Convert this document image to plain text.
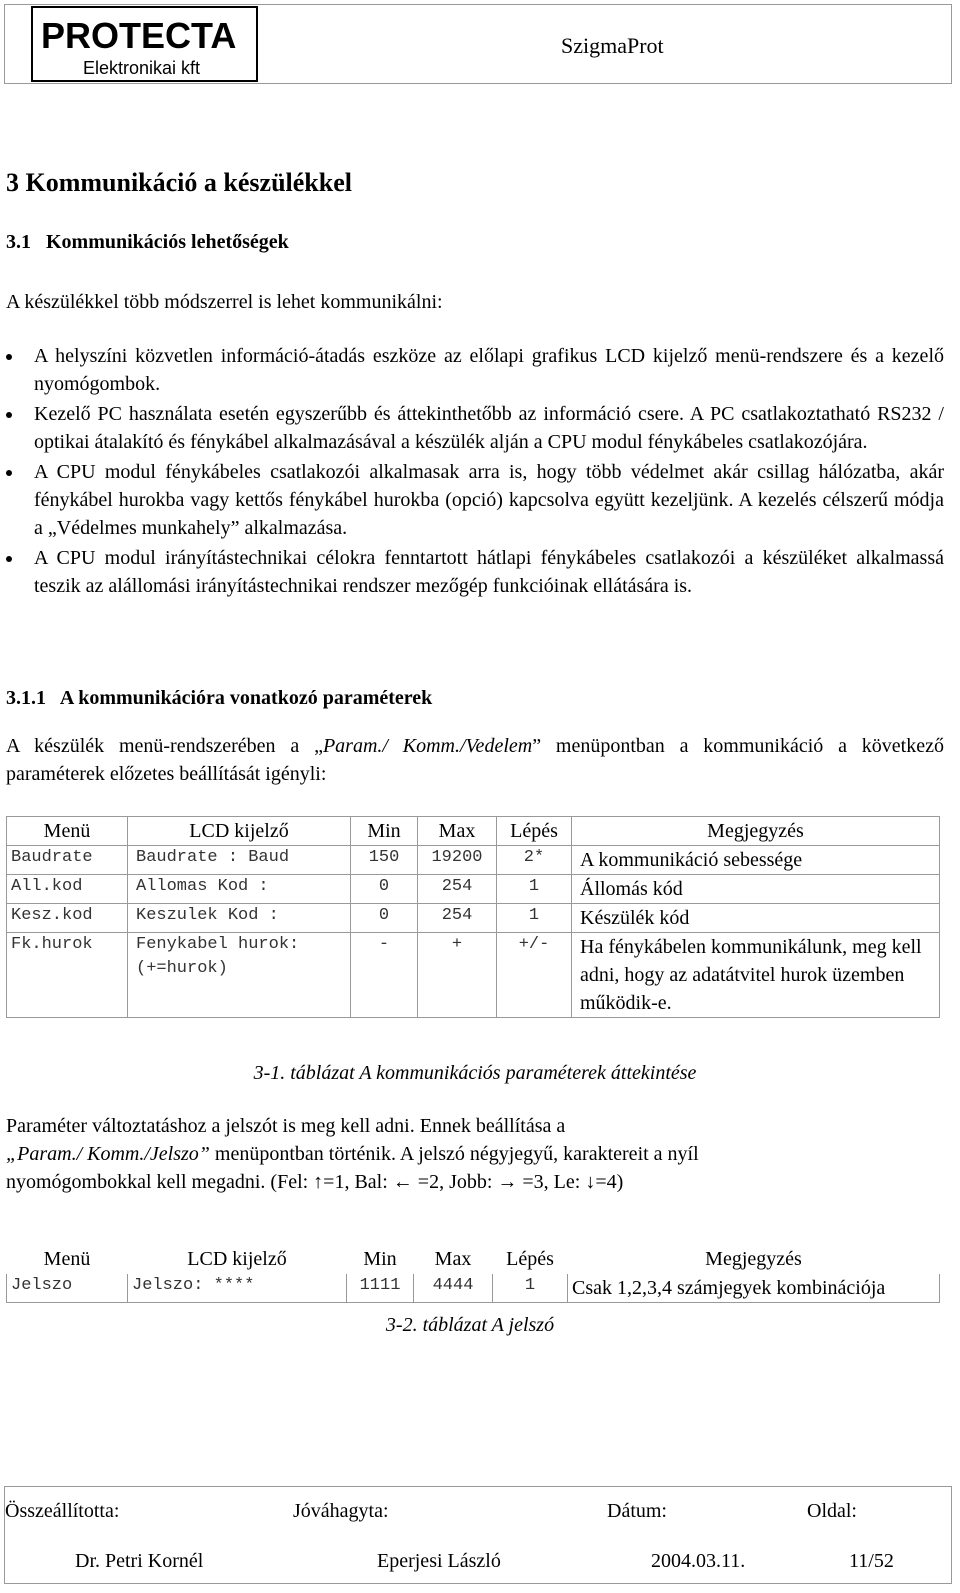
PROTECTA
Elektronikai kft
SzigmaProt
3 Kommunikáció a készülékkel
3.1   Kommunikációs lehetőségek
A készülékkel több módszerrel is lehet kommunikálni:
A helyszíni közvetlen információ-átadás eszköze az előlapi grafikus LCD kijelző menü-rendszere és a kezelő nyomógombok.
Kezelő PC használata esetén egyszerűbb és áttekinthetőbb az információ csere. A PC csatlakoztatható RS232 / optikai átalakító és fénykábel alkalmazásával a készülék alján a CPU modul fénykábeles csatlakozójára.
A CPU modul fénykábeles csatlakozói alkalmasak arra is, hogy több védelmet akár csillag hálózatba, akár fénykábel hurokba vagy kettős fénykábel hurokba (opció) kapcsolva együtt kezeljünk. A kezelés célszerű módja a „Védelmes munkahely” alkalmazása.
A CPU modul irányítástechnikai célokra fenntartott hátlapi fénykábeles csatlakozói a készüléket alkalmassá teszik az alállomási irányítástechnikai rendszer mezőgép funkcióinak ellátására is.
3.1.1   A kommunikációra vonatkozó paraméterek
A készülék menü-rendszerében a „Param./ Komm./Vedelem” menüpontban a kommunikáció a következő paraméterek előzetes beállítását igényli:
Menü	LCD kijelző	Min	Max	Lépés	Megjegyzés
Baudrate	Baudrate : Baud	150	19200	2*	A kommunikáció sebessége
All.kod	Allomas Kod :	0	254	1	Állomás kód
Kesz.kod	Keszulek Kod :	0	254	1	Készülék kód
Fk.hurok	Fenykabel hurok: (+=hurok)	-	+	+/-	Ha fénykábelen kommunikálunk, meg kell adni, hogy az adatátvitel hurok üzemben működik-e.
3-1. táblázat A kommunikációs paraméterek áttekintése
Paraméter változtatáshoz a jelszót is meg kell adni. Ennek beállítása a
„Param./ Komm./Jelszo” menüpontban történik. A jelszó négyjegyű, karaktereit a nyíl
nyomógombokkal kell megadni. (Fel: ↑=1, Bal: ← =2, Jobb: → =3, Le: ↓=4)
Menü	LCD kijelző	Min	Max	Lépés	Megjegyzés
Jelszo	Jelszo: ****	1111	4444	1	Csak 1,2,3,4 számjegyek kombinációja
3-2. táblázat A jelszó
Összeállította:	Jóváhagyta:	Dátum:	Oldal:
Dr. Petri Kornél	Eperjesi László	2004.03.11.	11/52
